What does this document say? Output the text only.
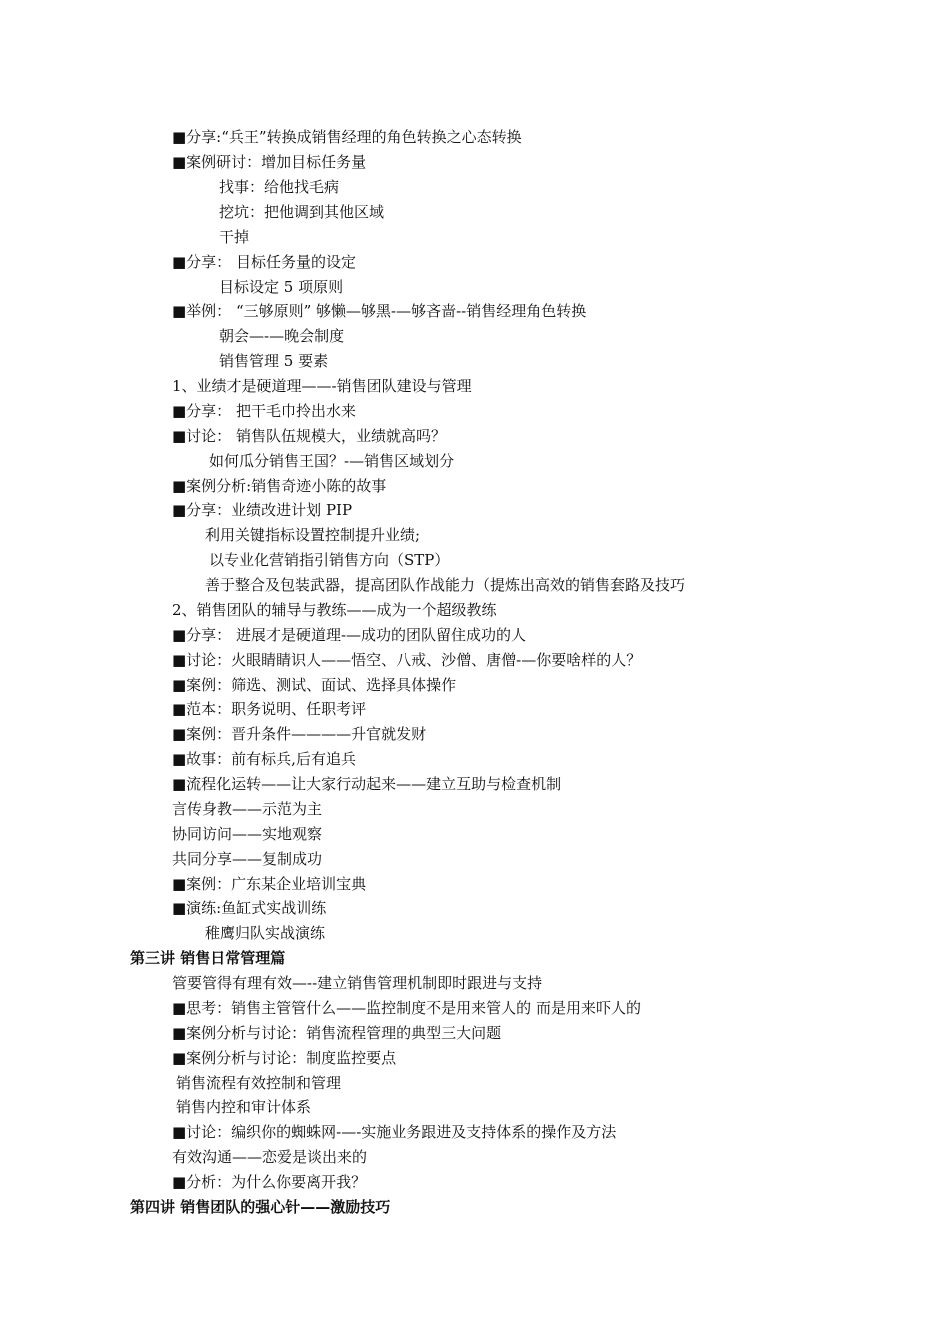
■分享:“兵王”转换成销售经理的角色转换之心态转换
■案例研讨：增加目标任务量
找事：给他找毛病
挖坑：把他调到其他区域
干掉
■分享： 目标任务量的设定
目标设定 5 项原则
■举例： “三够原则” 够懒—够黑-—够吝啬--销售经理角色转换
朝会—-—晚会制度
销售管理 5 要素
1、业绩才是硬道理——-销售团队建设与管理
■分享： 把干毛巾拎出水来
■讨论： 销售队伍规模大，业绩就高吗？
如何瓜分销售王国？-—销售区域划分
■案例分析:销售奇迹小陈的故事
■分享：业绩改进计划 PIP
利用关键指标设置控制提升业绩;
以专业化营销指引销售方向（STP）
善于整合及包装武器，提高团队作战能力（提炼出高效的销售套路及技巧
2、销售团队的辅导与教练——成为一个超级教练
■分享： 进展才是硬道理-—成功的团队留住成功的人
■讨论：火眼睛睛识人——悟空、八戒、沙僧、唐僧-—你要啥样的人？
■案例：筛选、测试、面试、选择具体操作
■范本：职务说明、任职考评
■案例：晋升条件————升官就发财
■故事：前有标兵,后有追兵
■流程化运转——让大家行动起来——建立互助与检查机制
言传身教——示范为主
协同访问——实地观察
共同分享——复制成功
■案例：广东某企业培训宝典
■演练:鱼缸式实战训练
稚鹰归队实战演练
第三讲 销售日常管理篇
管要管得有理有效—--建立销售管理机制即时跟进与支持
■思考：销售主管管什么——监控制度不是用来管人的 而是用来吓人的
■案例分析与讨论：销售流程管理的典型三大问题
■案例分析与讨论：制度监控要点
销售流程有效控制和管理
销售内控和审计体系
■讨论：编织你的蜘蛛网-—-实施业务跟进及支持体系的操作及方法
有效沟通——恋爱是谈出来的
■分析：为什么你要离开我？
第四讲 销售团队的强心针——激励技巧
